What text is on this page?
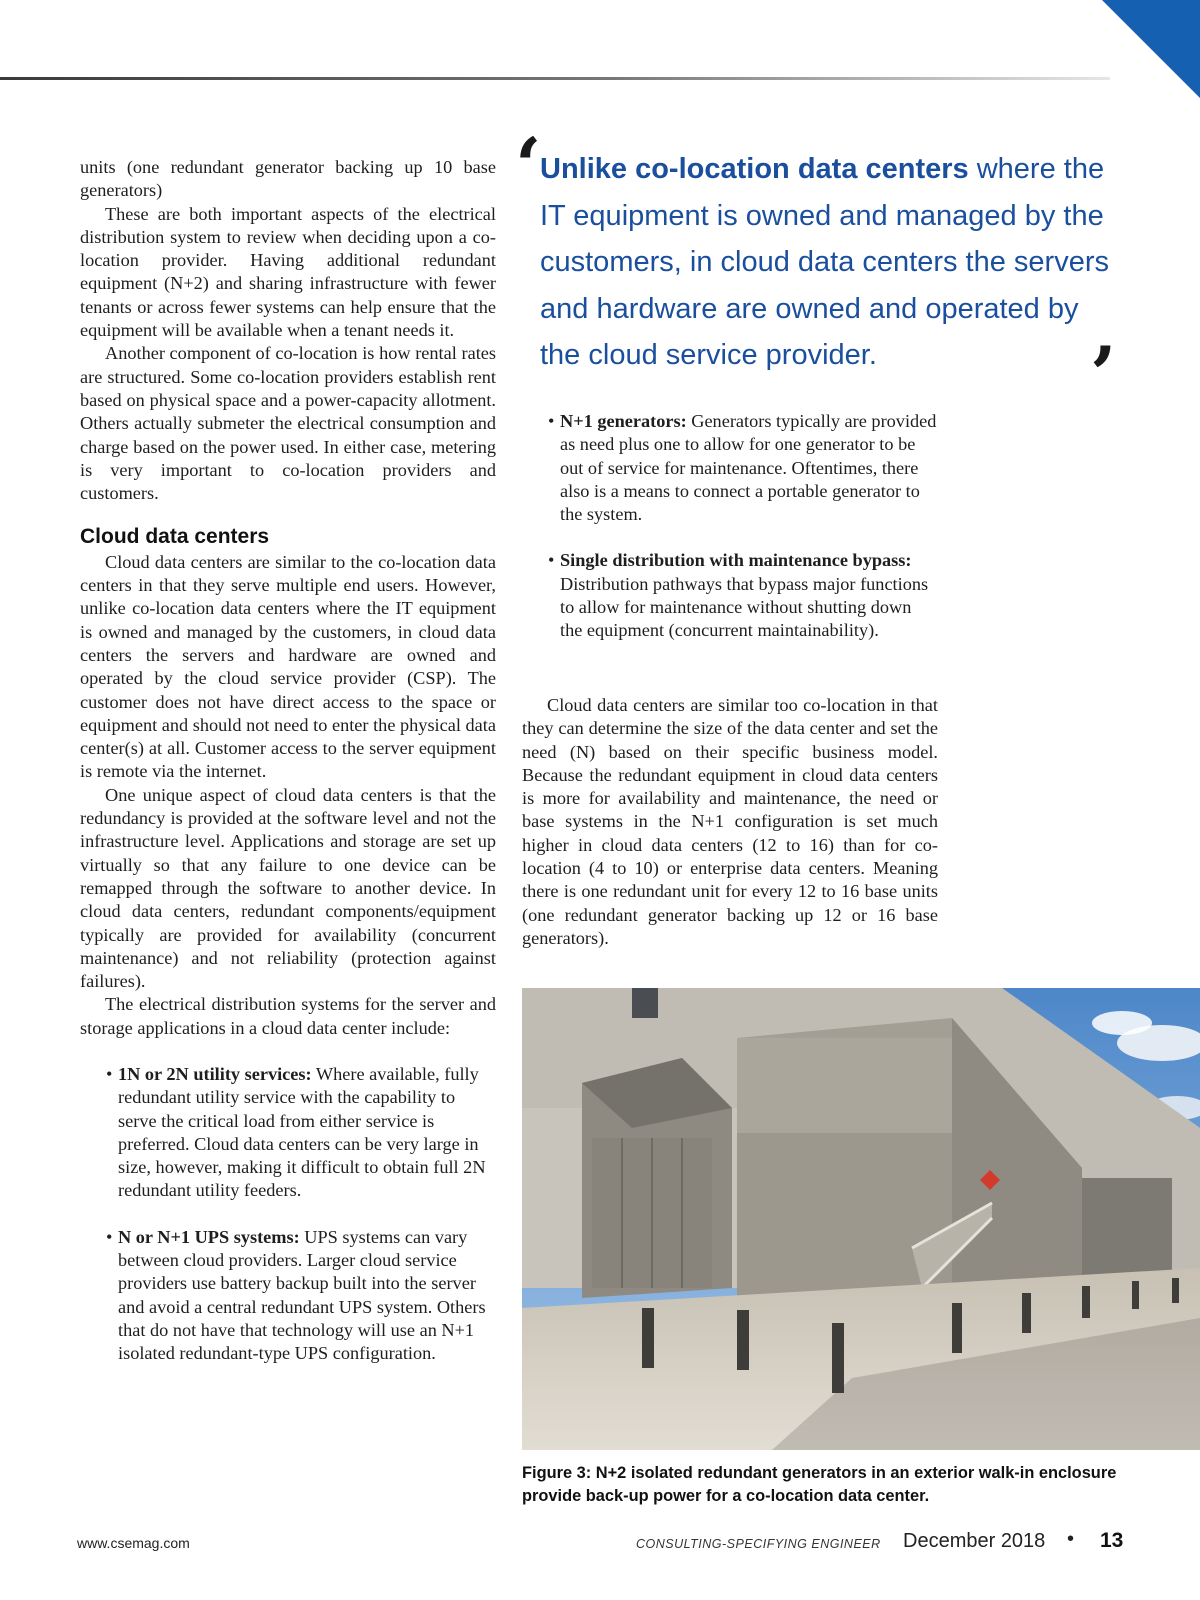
units (one redundant generator backing up 10 base generators)

These are both important aspects of the electrical distribution system to review when deciding upon a co-location provider. Having additional redundant equipment (N+2) and sharing infrastructure with fewer tenants or across fewer systems can help ensure that the equipment will be available when a tenant needs it.

Another component of co-location is how rental rates are structured. Some co-location providers establish rent based on physical space and a power-capacity allotment. Others actually submeter the electrical consumption and charge based on the power used. In either case, metering is very important to co-location providers and customers.

Cloud data centers

Cloud data centers are similar to the co-location data centers in that they serve multiple end users. However, unlike co-location data centers where the IT equipment is owned and managed by the customers, in cloud data centers the servers and hardware are owned and operated by the cloud service provider (CSP). The customer does not have direct access to the space or equipment and should not need to enter the physical data center(s) at all. Customer access to the server equipment is remote via the internet.

One unique aspect of cloud data centers is that the redundancy is provided at the software level and not the infrastructure level. Applications and storage are set up virtually so that any failure to one device can be remapped through the software to another device. In cloud data centers, redundant components/equipment typically are provided for availability (concurrent maintenance) and not reliability (protection against failures).

The electrical distribution systems for the server and storage applications in a cloud data center include:

• 1N or 2N utility services: Where available, fully redundant utility service with the capability to serve the critical load from either service is preferred. Cloud data centers can be very large in size, however, making it difficult to obtain full 2N redundant utility feeders.
• N or N+1 UPS systems: UPS systems can vary between cloud providers. Larger cloud service providers use battery backup built into the server and avoid a central redundant UPS system. Others that do not have that technology will use an N+1 isolated redundant-type UPS configuration.
‘
Unlike co-location data centers where the IT equipment is owned and managed by the customers, in cloud data centers the servers and hardware are owned and operated by the cloud service provider.	’
• N+1 generators: Generators typically are provided as need plus one to allow for one generator to be out of service for maintenance. Oftentimes, there also is a means to connect a portable generator to the system.
• Single distribution with maintenance bypass: Distribution pathways that bypass major functions to allow for maintenance without shutting down the equipment (concurrent maintainability).

Cloud data centers are similar too co-location in that they can determine the size of the data center and set the need (N) based on their specific business model. Because the redundant equipment in cloud data centers is more for availability and maintenance, the need or base systems in the N+1 configuration is set much higher in cloud data centers (12 to 16) than for co-location (4 to 10) or enterprise data centers. Meaning there is one redundant unit for every 12 to 16 base units (one redundant generator backing up 12 or 16 base generators).

Figure 3: N+2 isolated redundant generators in an exterior walk-in enclosure provide back-up power for a co-location data center.
www.csemag.com	CONSULTING-SPECIFYING ENGINEER December 2018 • 13
